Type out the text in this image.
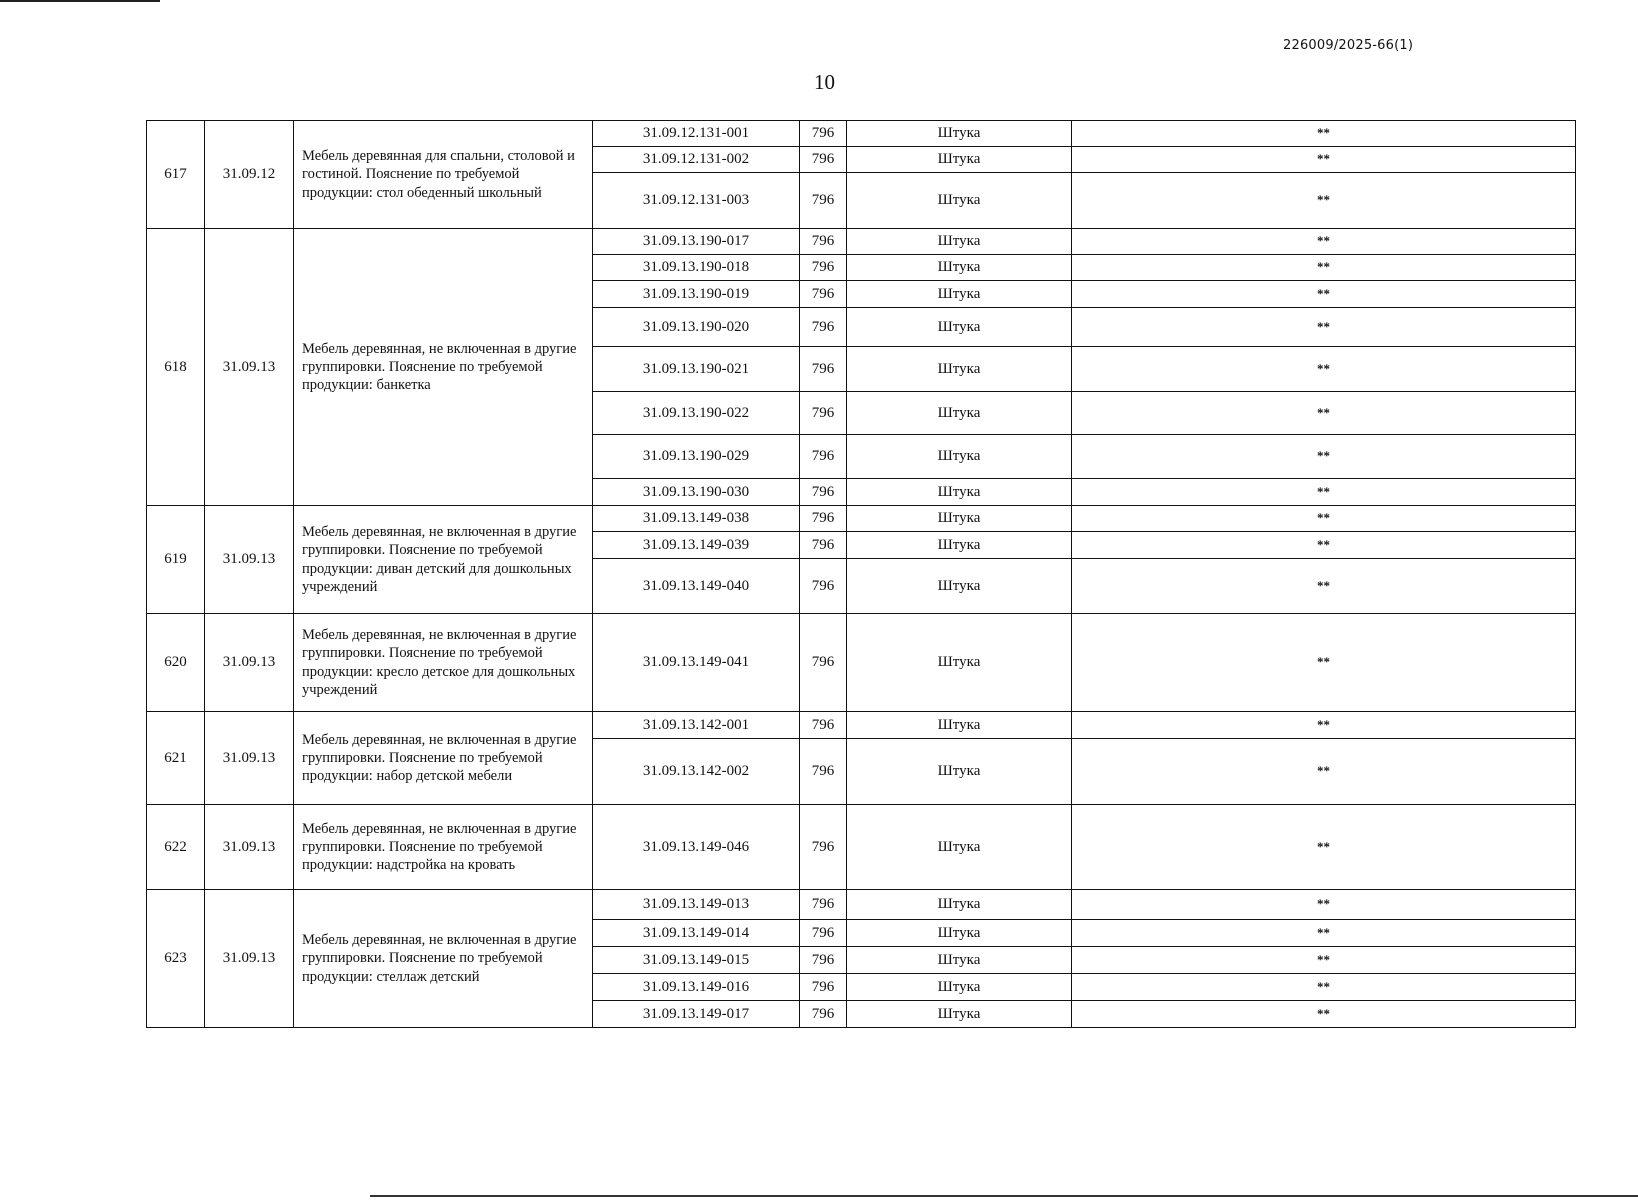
226009/2025-66(1)
10
617	31.09.12	Мебель деревянная для спальни, столовой и гостиной. Пояснение по требуемой продукции: стол обеденный школьный	31.09.12.131-001	796	Штука	**
			31.09.12.131-002	796	Штука	**
			31.09.12.131-003	796	Штука	**
618	31.09.13	Мебель деревянная, не включенная в другие группировки. Пояснение по требуемой продукции: банкетка	31.09.13.190-017	796	Штука	**
			31.09.13.190-018	796	Штука	**
			31.09.13.190-019	796	Штука	**
			31.09.13.190-020	796	Штука	**
			31.09.13.190-021	796	Штука	**
			31.09.13.190-022	796	Штука	**
			31.09.13.190-029	796	Штука	**
			31.09.13.190-030	796	Штука	**
619	31.09.13	Мебель деревянная, не включенная в другие группировки. Пояснение по требуемой продукции: диван детский для дошкольных учреждений	31.09.13.149-038	796	Штука	**
			31.09.13.149-039	796	Штука	**
			31.09.13.149-040	796	Штука	**
620	31.09.13	Мебель деревянная, не включенная в другие группировки. Пояснение по требуемой продукции: кресло детское для дошкольных учреждений	31.09.13.149-041	796	Штука	**
621	31.09.13	Мебель деревянная, не включенная в другие группировки. Пояснение по требуемой продукции: набор детской мебели	31.09.13.142-001	796	Штука	**
			31.09.13.142-002	796	Штука	**
622	31.09.13	Мебель деревянная, не включенная в другие группировки. Пояснение по требуемой продукции: надстройка на кровать	31.09.13.149-046	796	Штука	**
623	31.09.13	Мебель деревянная, не включенная в другие группировки. Пояснение по требуемой продукции: стеллаж детский	31.09.13.149-013	796	Штука	**
			31.09.13.149-014	796	Штука	**
			31.09.13.149-015	796	Штука	**
			31.09.13.149-016	796	Штука	**
			31.09.13.149-017	796	Штука	**
